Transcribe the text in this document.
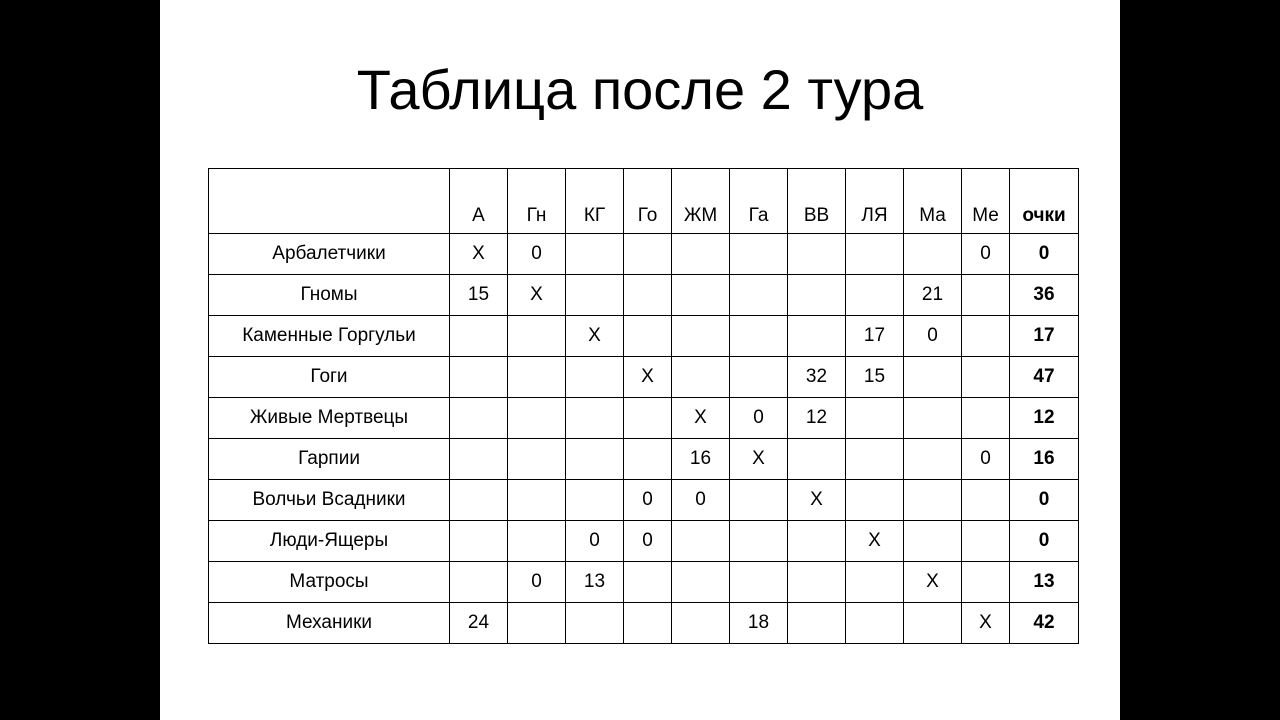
Таблица после 2 тура
	А	Гн	КГ	Го	ЖМ	Га	ВВ	ЛЯ	Ма	Ме	очки
Арбалетчики	Х	0								0	0
Гномы	15	Х							21		36
Каменные Горгульи			Х					17	0		17
Гоги				Х			32	15			47
Живые Мертвецы					Х	0	12				12
Гарпии					16	Х				0	16
Волчьи Всадники				0	0		Х				0
Люди-Ящеры			0	0				Х			0
Матросы		0	13						Х		13
Механики	24					18				Х	42
